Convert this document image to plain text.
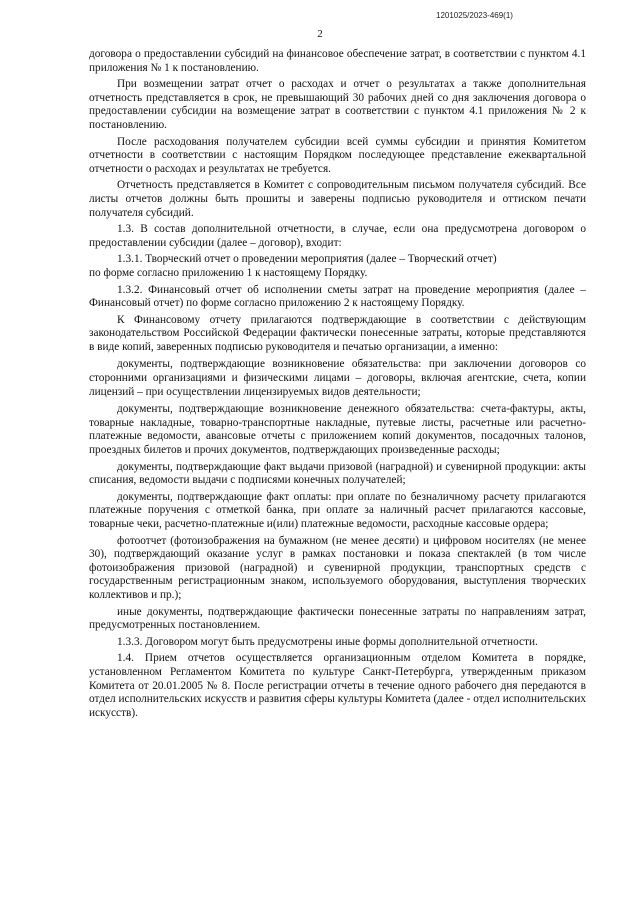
1201025/2023-469(1)
2

договора о предоставлении субсидий на финансовое обеспечение затрат, в соответствии с пунктом 4.1 приложения № 1 к постановлению.

При возмещении затрат отчет о расходах и отчет о результатах а также дополнительная отчетность представляется в срок, не превышающий 30 рабочих дней со дня заключения договора о предоставлении субсидии на возмещение затрат в соответствии с пунктом 4.1 приложения № 2 к постановлению.

После расходования получателем субсидии всей суммы субсидии и принятия Комитетом отчетности в соответствии с настоящим Порядком последующее представление ежеквартальной отчетности о расходах и результатах не требуется.

Отчетность представляется в Комитет с сопроводительным письмом получателя субсидий. Все листы отчетов должны быть прошиты и заверены подписью руководителя и оттиском печати получателя субсидий.

1.3. В состав дополнительной отчетности, в случае, если она предусмотрена договором о предоставлении субсидии (далее – договор), входит:

1.3.1. Творческий отчет о проведении мероприятия (далее – Творческий отчет)

по форме согласно приложению 1 к настоящему Порядку.

1.3.2. Финансовый отчет об исполнении сметы затрат на проведение мероприятия (далее – Финансовый отчет) по форме согласно приложению 2 к настоящему Порядку.

К Финансовому отчету прилагаются подтверждающие в соответствии с действующим законодательством Российской Федерации фактически понесенные затраты, которые представляются в виде копий, заверенных подписью руководителя и печатью организации, а именно:

документы, подтверждающие возникновение обязательства: при заключении договоров со сторонними организациями и физическими лицами – договоры, включая агентские, счета, копии лицензий – при осуществлении лицензируемых видов деятельности;

документы, подтверждающие возникновение денежного обязательства: счета-фактуры, акты, товарные накладные, товарно-транспортные накладные, путевые листы, расчетные или расчетно-платежные ведомости, авансовые отчеты с приложением копий документов, посадочных талонов, проездных билетов и прочих документов, подтверждающих произведенные расходы;

документы, подтверждающие факт выдачи призовой (наградной) и сувенирной продукции: акты списания, ведомости выдачи с подписями конечных получателей;

документы, подтверждающие факт оплаты: при оплате по безналичному расчету прилагаются платежные поручения с отметкой банка, при оплате за наличный расчет прилагаются кассовые, товарные чеки, расчетно-платежные и(или) платежные ведомости, расходные кассовые ордера;

фотоотчет (фотоизображения на бумажном (не менее десяти) и цифровом носителях (не менее 30), подтверждающий оказание услуг в рамках постановки и показа спектаклей (в том числе фотоизображения призовой (наградной) и сувенирной продукции, транспортных средств с государственным регистрационным знаком, используемого оборудования, выступления творческих коллективов и пр.);

иные документы, подтверждающие фактически понесенные затраты по направлениям затрат, предусмотренных постановлением.

1.3.3. Договором могут быть предусмотрены иные формы дополнительной отчетности.

1.4. Прием отчетов осуществляется организационным отделом Комитета в порядке, установленном Регламентом Комитета по культуре Санкт-Петербурга, утвержденным приказом Комитета от 20.01.2005 № 8. После регистрации отчеты в течение одного рабочего дня передаются в отдел исполнительских искусств и развития сферы культуры Комитета (далее - отдел исполнительских искусств).
